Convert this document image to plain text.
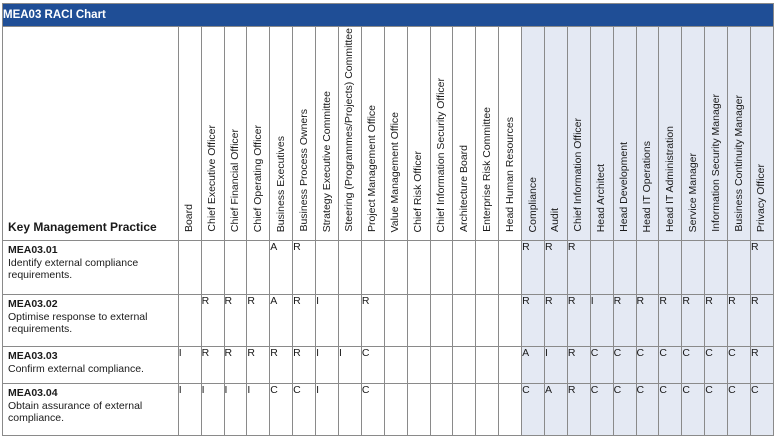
MEA03 RACI Chart																										
Key Management Practice	Board	Chief Executive Officer	Chief Financial Officer	Chief Operating Officer	Business Executives	Business Process Owners	Strategy Executive Committee	Steering (Programmes/Projects) Committee	Project Management Office	Value Management Office	Chief Risk Officer	Chief Information Security Officer	Architecture Board	Enterprise Risk Committee	Head Human Resources	Compliance	Audit	Chief Information Officer	Head Architect	Head Development	Head IT Operations	Head IT Administration	Service Manager	Information Security Manager	Business Continuity Manager	Privacy Officer

MEA03.01
Identify external compliance requirements.					A	R										R	R	R								R

MEA03.02
Optimise response to external requirements.		R	R	R	A	R	I		R							R	R	R	I	R	R	R	R	R	R	R

MEA03.03
Confirm external compliance.	I	R	R	R	R	R	I	I	C							A	I	R	C	C	C	C	C	C	C	R

MEA03.04
Obtain assurance of external compliance.	I	I	I	I	C	C	I		C							C	A	R	C	C	C	C	C	C	C	C
